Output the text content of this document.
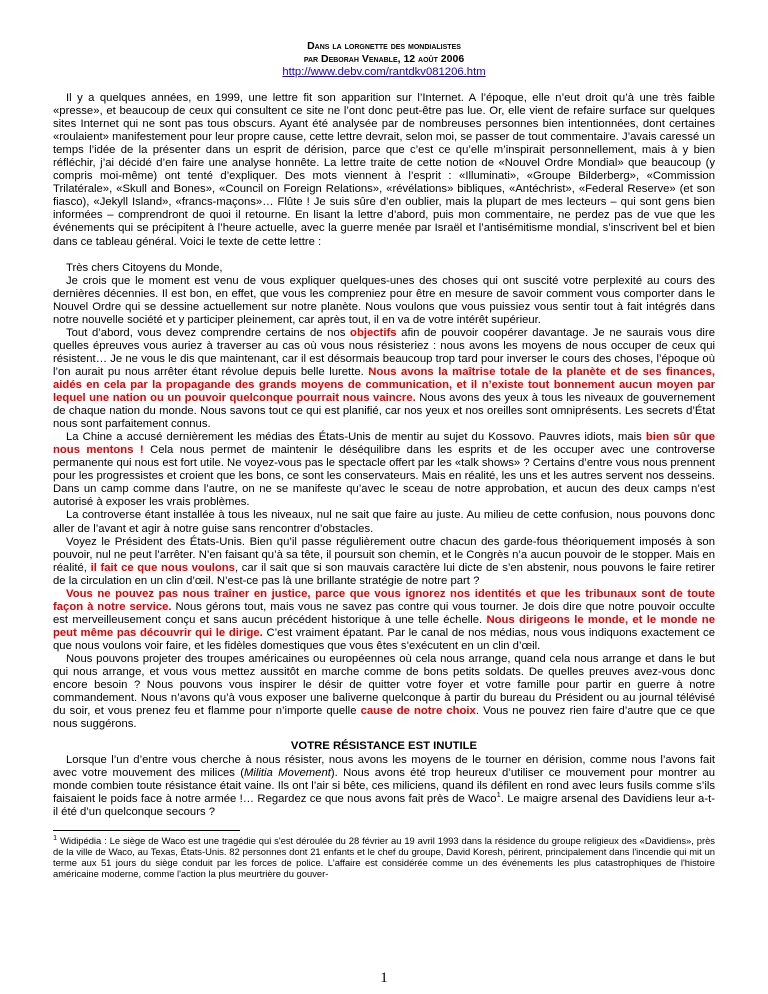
Dans la lorgnette des mondialistes
par Deborah Venable, 12 août 2006
http://www.debv.com/rantdkv081206.htm

Il y a quelques années, en 1999, une lettre fit son apparition sur l’Internet. A l’époque, elle n’eut droit qu’à une très faible «presse», et beaucoup de ceux qui consultent ce site ne l’ont donc peut-être pas lue. Or, elle vient de refaire surface sur quelques sites Internet qui ne sont pas tous obscurs. Ayant été analysée par de nombreuses personnes bien intentionnées, dont certaines «roulaient» manifestement pour leur propre cause, cette lettre devrait, selon moi, se passer de tout commentaire. J’avais caressé un temps l’idée de la présenter dans un esprit de dérision, parce que c’est ce qu’elle m’inspirait personnellement, mais à y bien réfléchir, j’ai décidé d’en faire une analyse honnête. La lettre traite de cette notion de «Nouvel Ordre Mondial» que beaucoup (y compris moi-même) ont tenté d’expliquer. Des mots viennent à l’esprit : «Illuminati», «Groupe Bilderberg», «Commission Trilatérale», «Skull and Bones», «Council on Foreign Relations», «révélations» bibliques, «Antéchrist», «Federal Reserve» (et son fiasco), «Jekyll Island», «francs-maçons»… Flûte ! Je suis sûre d’en oublier, mais la plupart de mes lecteurs – qui sont gens bien informées – comprendront de quoi il retourne. En lisant la lettre d’abord, puis mon commentaire, ne perdez pas de vue que les événements qui se précipitent à l’heure actuelle, avec la guerre menée par Israël et l’antisémitisme mondial, s’inscrivent bel et bien dans ce tableau général. Voici le texte de cette lettre :

Très chers Citoyens du Monde,

Je crois que le moment est venu de vous expliquer quelques-unes des choses qui ont suscité votre perplexité au cours des dernières décennies. Il est bon, en effet, que vous les compreniez pour être en mesure de savoir comment vous comporter dans le Nouvel Ordre qui se dessine actuellement sur notre planète. Nous voulons que vous puissiez vous sentir tout à fait intégrés dans notre nouvelle société et y participer pleinement, car après tout, il en va de votre intérêt supérieur.

Tout d’abord, vous devez comprendre certains de nos objectifs afin de pouvoir coopérer davantage. Je ne saurais vous dire quelles épreuves vous auriez à traverser au cas où vous nous résisteriez : nous avons les moyens de nous occuper de ceux qui résistent… Je ne vous le dis que maintenant, car il est désormais beaucoup trop tard pour inverser le cours des choses, l’époque où l’on aurait pu nous arrêter étant révolue depuis belle lurette. Nous avons la maîtrise totale de la planète et de ses finances, aidés en cela par la propagande des grands moyens de communication, et il n’existe tout bonnement aucun moyen par lequel une nation ou un pouvoir quelconque pourrait nous vaincre. Nous avons des yeux à tous les niveaux de gouvernement de chaque nation du monde. Nous savons tout ce qui est planifié, car nos yeux et nos oreilles sont omniprésents. Les secrets d’État nous sont parfaitement connus.

La Chine a accusé dernièrement les médias des États-Unis de mentir au sujet du Kossovo. Pauvres idiots, mais bien sûr que nous mentons ! Cela nous permet de maintenir le déséquilibre dans les esprits et de les occuper avec une controverse permanente qui nous est fort utile. Ne voyez-vous pas le spectacle offert par les «talk shows» ? Certains d’entre vous nous prennent pour les progressistes et croient que les bons, ce sont les conservateurs. Mais en réalité, les uns et les autres servent nos desseins. Dans un camp comme dans l’autre, on ne se manifeste qu’avec le sceau de notre approbation, et aucun des deux camps n’est autorisé à exposer les vrais problèmes.

La controverse étant installée à tous les niveaux, nul ne sait que faire au juste. Au milieu de cette confusion, nous pouvons donc aller de l’avant et agir à notre guise sans rencontrer d’obstacles.

Voyez le Président des États-Unis. Bien qu’il passe régulièrement outre chacun des garde-fous théoriquement imposés à son pouvoir, nul ne peut l’arrêter. N’en faisant qu’à sa tête, il poursuit son chemin, et le Congrès n’a aucun pouvoir de le stopper. Mais en réalité, il fait ce que nous voulons, car il sait que si son mauvais caractère lui dicte de s’en abstenir, nous pouvons le faire retirer de la circulation en un clin d’œil. N’est-ce pas là une brillante stratégie de notre part ?

Vous ne pouvez pas nous traîner en justice, parce que vous ignorez nos identités et que les tribunaux sont de toute façon à notre service. Nous gérons tout, mais vous ne savez pas contre qui vous tourner. Je dois dire que notre pouvoir occulte est merveilleusement conçu et sans aucun précédent historique à une telle échelle. Nous dirigeons le monde, et le monde ne peut même pas découvrir qui le dirige. C’est vraiment épatant. Par le canal de nos médias, nous vous indiquons exactement ce que nous voulons voir faire, et les fidèles domestiques que vous êtes s’exécutent en un clin d’œil.

Nous pouvons projeter des troupes américaines ou européennes où cela nous arrange, quand cela nous arrange et dans le but qui nous arrange, et vous vous mettez aussitôt en marche comme de bons petits soldats. De quelles preuves avez-vous donc encore besoin ? Nous pouvons vous inspirer le désir de quitter votre foyer et votre famille pour partir en guerre à notre commandement. Nous n’avons qu’à vous exposer une baliverne quelconque à partir du bureau du Président ou au journal télévisé du soir, et vous prenez feu et flamme pour n’importe quelle cause de notre choix. Vous ne pouvez rien faire d’autre que ce que nous suggérons.

VOTRE RÉSISTANCE EST INUTILE

Lorsque l’un d’entre vous cherche à nous résister, nous avons les moyens de le tourner en dérision, comme nous l’avons fait avec votre mouvement des milices (Militia Movement). Nous avons été trop heureux d’utiliser ce mouvement pour montrer au monde combien toute résistance était vaine. Ils ont l’air si bête, ces miliciens, quand ils défilent en rond avec leurs fusils comme s’ils faisaient le poids face à notre armée !… Regardez ce que nous avons fait près de Waco$^1$. Le maigre arsenal des Davidiens leur a-t-il été d’un quelconque secours ?

$^1$ Widipédia : Le siège de Waco est une tragédie qui s'est déroulée du 28 février au 19 avril 1993 dans la résidence du groupe religieux des «Davidiens», près de la ville de Waco, au Texas, États-Unis. 82 personnes dont 21 enfants et le chef du groupe, David Koresh, périrent, principalement dans l'incendie qui mit un terme aux 51 jours du siège conduit par les forces de police. L'affaire est considérée comme un des événements les plus catastrophiques de l'histoire américaine moderne, comme l'action la plus meurtrière du gouver-
1
